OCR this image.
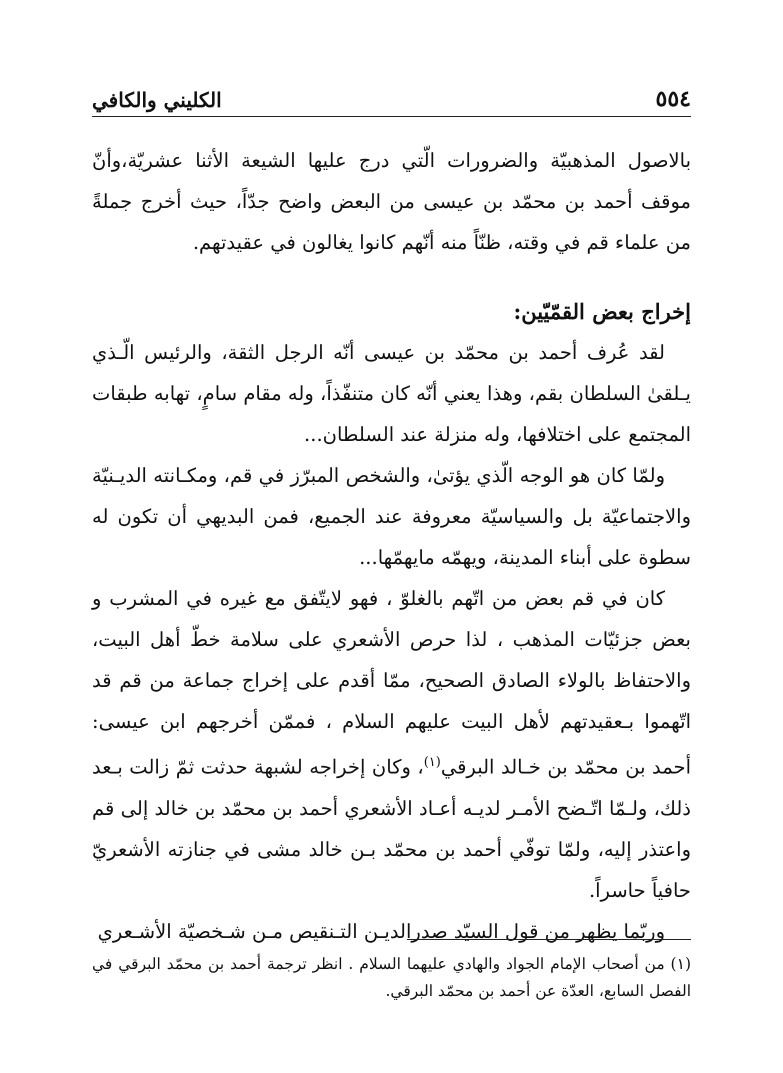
٥٥٤
الكليني والكافي

بالاصول المذهبيّة والضرورات الّتي درج عليها الشيعة الأثنا عشريّة،وأنّ موقف أحمد بن محمّد بن عيسى من البعض واضح جدّاً، حيث أخرج جملةً من علماء قم في وقته، ظنّاً منه أنّهم كانوا يغالون في عقيدتهم.

إخراج بعض القمّيّين:

لقد عُرف أحمد بن محمّد بن عيسى أنّه الرجل الثقة، والرئيس الّـذي يـلقىٰ السلطان بقم، وهذا يعني أنّه كان متنفّذاً، وله مقام سامٍ، تهابه طبقات المجتمع على اختلافها، وله منزلة عند السلطان...

ولمّا كان هو الوجه الّذي يؤتىٰ، والشخص المبرّز في قم، ومكـانته الديـنيّة والاجتماعيّة بل والسياسيّة معروفة عند الجميع، فمن البديهي أن تكون له سطوة على أبناء المدينة، ويهمّه مايهمّها...

كان في قم بعض من اتّهم بالغلوّ ، فهو لايتّفق مع غيره في المشرب و بعض جزئيّات المذهب ، لذا حرص الأشعري على سلامة خطّ أهل البيت، والاحتفاظ بالولاء الصادق الصحيح، ممّا أقدم على إخراج جماعة من قم قد اتّهموا بـعقيدتهم لأهل البيت عليهم السلام ، فممّن أخرجهم ابن عيسى: أحمد بن محمّد بن خـالد البرقي$^{(١)}$، وكان إخراجه لشبهة حدثت ثمّ زالت بـعد ذلك، ولـمّا اتّـضح الأمـر لديـه أعـاد الأشعري أحمد بن محمّد بن خالد إلى قم واعتذر إليه، ولمّا توفّي أحمد بن محمّد بـن خالد مشى في جنازته الأشعريّ حافياً حاسراً.

وربّما يظهر من قول السيّد صدرالديـن التـنقيص مـن شـخصيّة الأشـعري

(١) من أصحاب الإمام الجواد والهادي عليهما السلام . انظر ترجمة أحمد بن محمّد البرقي في الفصل السابع، العدّة عن أحمد بن محمّد البرقي.
